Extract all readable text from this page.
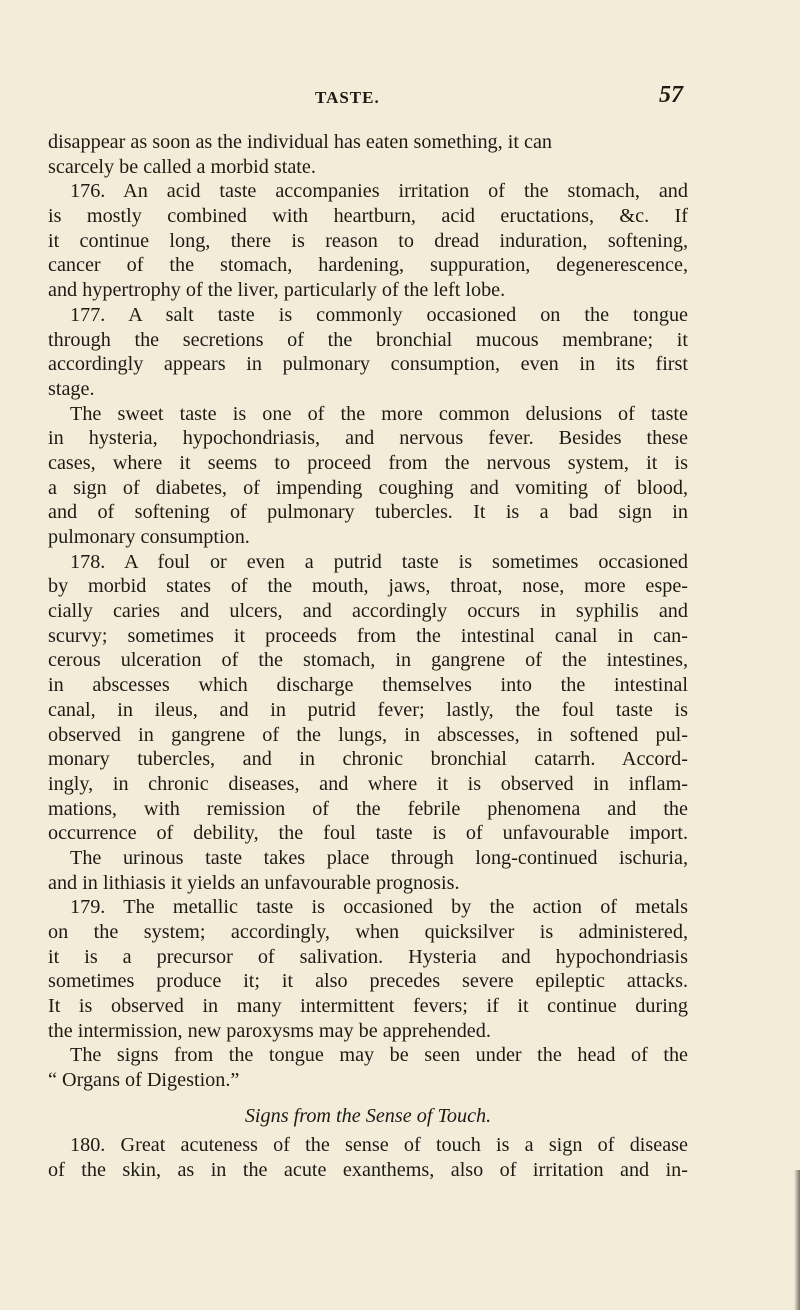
TASTE.	57
disappear as soon as the individual has eaten something, it can
scarcely be called a morbid state.
176. An acid taste accompanies irritation of the stomach, and
is mostly combined with heartburn, acid eructations, &c. If
it continue long, there is reason to dread induration, softening,
cancer of the stomach, hardening, suppuration, degenerescence,
and hypertrophy of the liver, particularly of the left lobe.
177. A salt taste is commonly occasioned on the tongue
through the secretions of the bronchial mucous membrane; it
accordingly appears in pulmonary consumption, even in its first
stage.
The sweet taste is one of the more common delusions of taste
in hysteria, hypochondriasis, and nervous fever. Besides these
cases, where it seems to proceed from the nervous system, it is
a sign of diabetes, of impending coughing and vomiting of blood,
and of softening of pulmonary tubercles. It is a bad sign in
pulmonary consumption.
178. A foul or even a putrid taste is sometimes occasioned
by morbid states of the mouth, jaws, throat, nose, more espe-
cially caries and ulcers, and accordingly occurs in syphilis and
scurvy; sometimes it proceeds from the intestinal canal in can-
cerous ulceration of the stomach, in gangrene of the intestines,
in abscesses which discharge themselves into the intestinal
canal, in ileus, and in putrid fever; lastly, the foul taste is
observed in gangrene of the lungs, in abscesses, in softened pul-
monary tubercles, and in chronic bronchial catarrh. Accord-
ingly, in chronic diseases, and where it is observed in inflam-
mations, with remission of the febrile phenomena and the
occurrence of debility, the foul taste is of unfavourable import.
The urinous taste takes place through long-continued ischuria,
and in lithiasis it yields an unfavourable prognosis.
179. The metallic taste is occasioned by the action of metals
on the system; accordingly, when quicksilver is administered,
it is a precursor of salivation. Hysteria and hypochondriasis
sometimes produce it; it also precedes severe epileptic attacks.
It is observed in many intermittent fevers; if it continue during
the intermission, new paroxysms may be apprehended.
The signs from the tongue may be seen under the head of the
“ Organs of Digestion.”
Signs from the Sense of Touch.
180. Great acuteness of the sense of touch is a sign of disease
of the skin, as in the acute exanthems, also of irritation and in-
